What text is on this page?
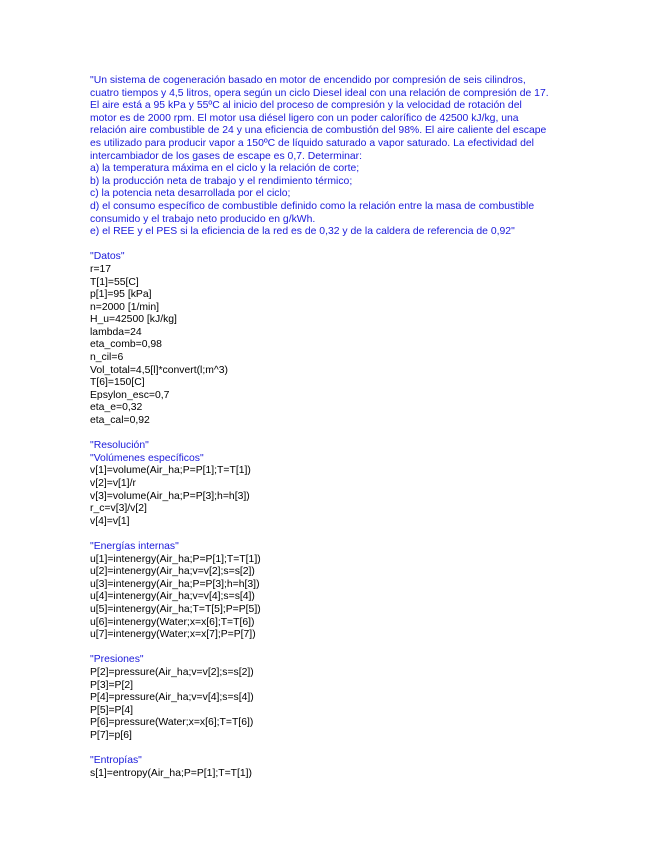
"Un sistema de cogeneración basado en motor de encendido por compresión de seis cilindros,
cuatro tiempos y 4,5 litros, opera según un ciclo Diesel ideal con una relación de compresión de 17.
El aire está a 95 kPa y 55ºC al inicio del proceso de compresión y la velocidad de rotación del
motor es de 2000 rpm. El motor usa diésel ligero con un poder calorífico de 42500 kJ/kg, una
relación aire combustible de 24 y una eficiencia de combustión del 98%. El aire caliente del escape
es utilizado para producir vapor a 150ºC de líquido saturado a vapor saturado. La efectividad del
intercambiador de los gases de escape es 0,7. Determinar:
a) la temperatura máxima en el ciclo y la relación de corte;
b) la producción neta de trabajo y el rendimiento térmico;
c) la potencia neta desarrollada por el ciclo;
d) el consumo específico de combustible definido como la relación entre la masa de combustible
consumido y el trabajo neto producido en g/kWh.
e) el REE y el PES si la eficiencia de la red es de 0,32 y de la caldera de referencia de 0,92"
"Datos"
r=17
T[1]=55[C]
p[1]=95 [kPa]
n=2000 [1/min]
H_u=42500 [kJ/kg]
lambda=24
eta_comb=0,98
n_cil=6
Vol_total=4,5[l]*convert(l;m^3)
T[6]=150[C]
Epsylon_esc=0,7
eta_e=0,32
eta_cal=0,92
"Resolución"
"Volúmenes específicos"
v[1]=volume(Air_ha;P=P[1];T=T[1])
v[2]=v[1]/r
v[3]=volume(Air_ha;P=P[3];h=h[3])
r_c=v[3]/v[2]
v[4]=v[1]
"Energías internas"
u[1]=intenergy(Air_ha;P=P[1];T=T[1])
u[2]=intenergy(Air_ha;v=v[2];s=s[2])
u[3]=intenergy(Air_ha;P=P[3];h=h[3])
u[4]=intenergy(Air_ha;v=v[4];s=s[4])
u[5]=intenergy(Air_ha;T=T[5];P=P[5])
u[6]=intenergy(Water;x=x[6];T=T[6])
u[7]=intenergy(Water;x=x[7];P=P[7])
"Presiones"
P[2]=pressure(Air_ha;v=v[2];s=s[2])
P[3]=P[2]
P[4]=pressure(Air_ha;v=v[4];s=s[4])
P[5]=P[4]
P[6]=pressure(Water;x=x[6];T=T[6])
P[7]=p[6]
"Entropías"
s[1]=entropy(Air_ha;P=P[1];T=T[1])
